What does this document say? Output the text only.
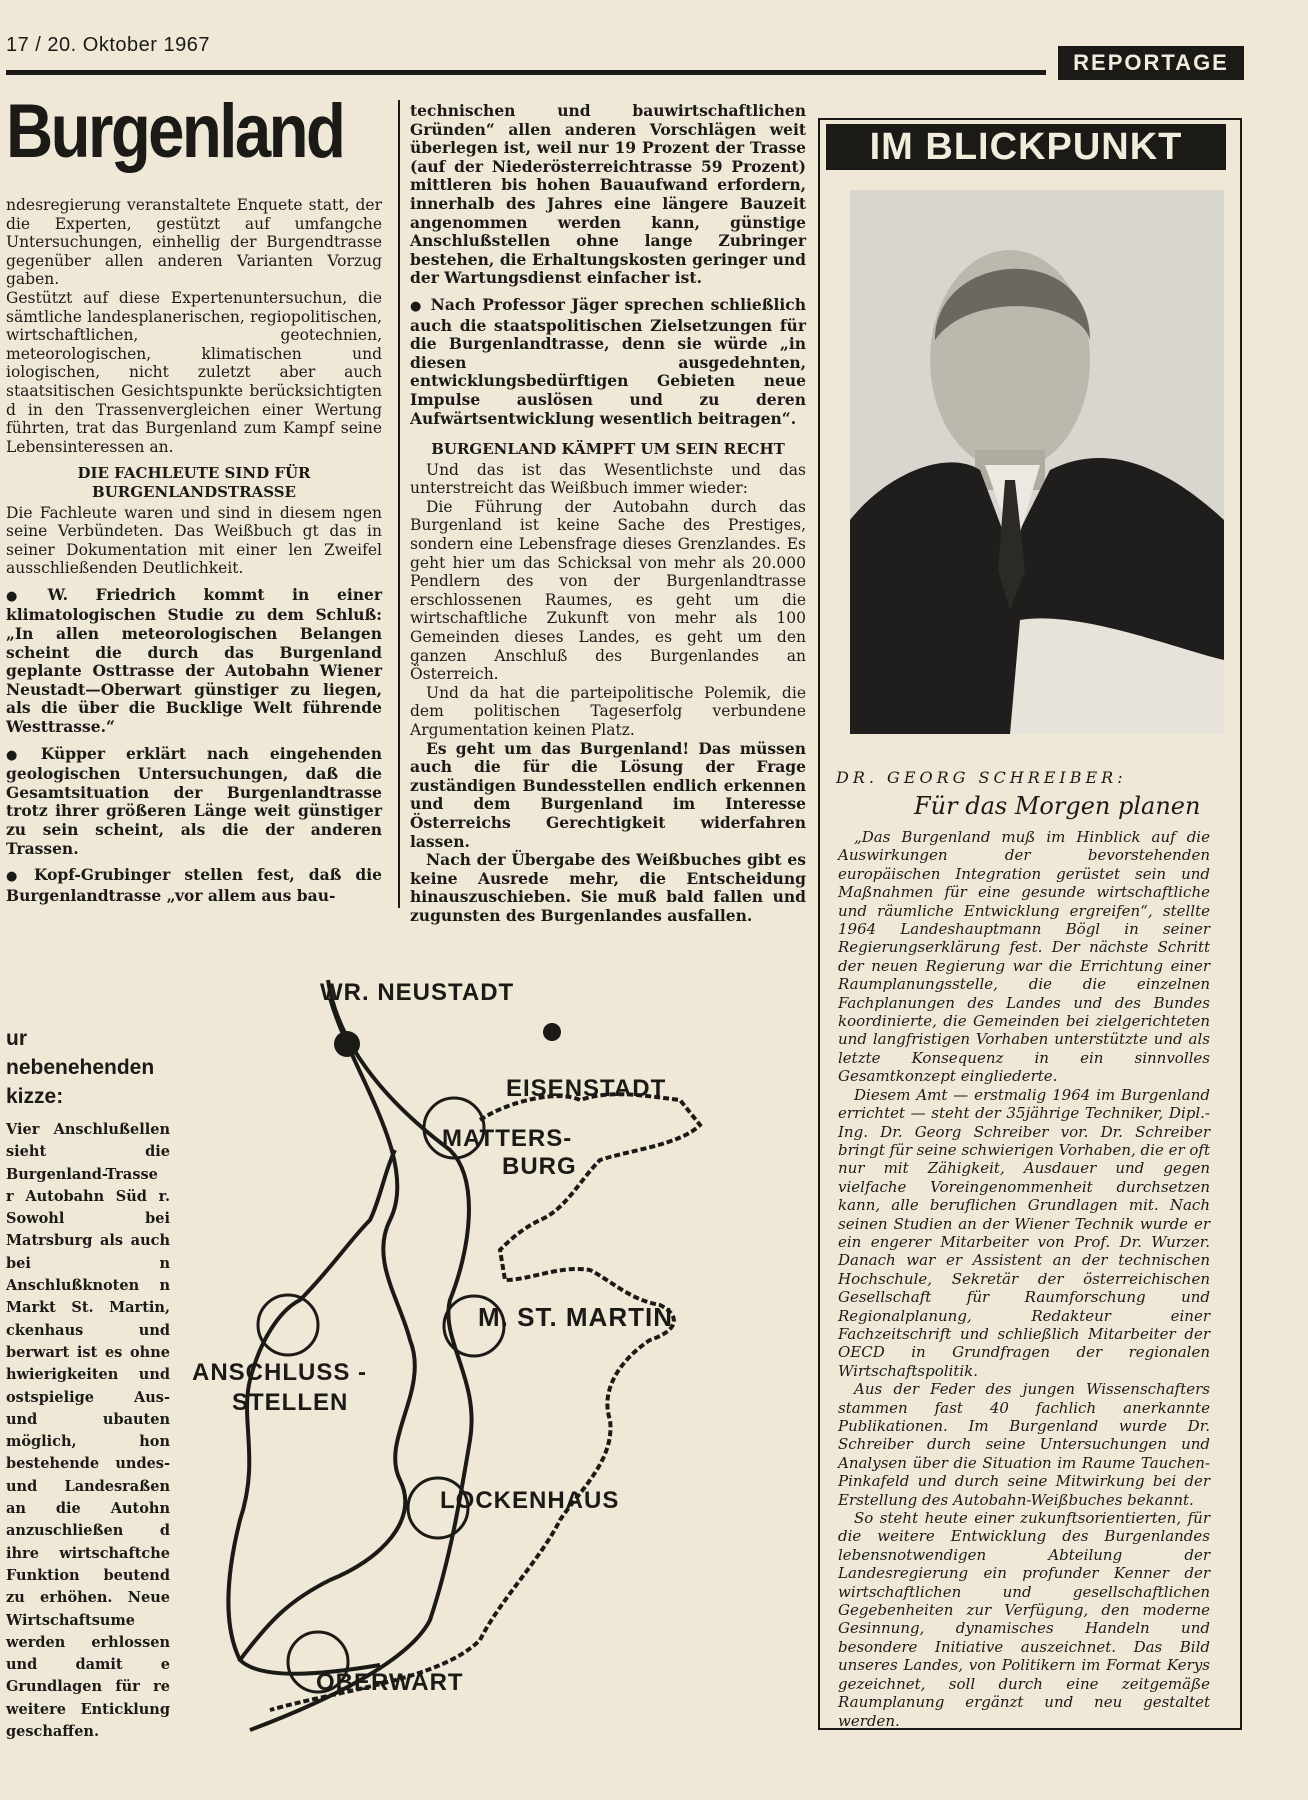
17 / 20. Oktober 1967
REPORTAGE
Burgenland

ndesregierung veranstaltete Enquete statt, der die Experten, gestützt auf umfangche Untersuchungen, einhellig der Burgendtrasse gegenüber allen anderen Varianten Vorzug gaben.

Gestützt auf diese Expertenuntersuchun, die sämtliche landesplanerischen, regiopolitischen, wirtschaftlichen, geotechnien, meteorologischen, klimatischen und iologischen, nicht zuletzt aber auch staatsitischen Gesichtspunkte berücksichtigten d in den Trassenvergleichen einer Wertung führten, trat das Burgenland zum Kampf seine Lebensinteressen an.

DIE FACHLEUTE SIND FÜR BURGENLANDSTRASSE

Die Fachleute waren und sind in diesem ngen seine Verbündeten. Das Weißbuch gt das in seiner Dokumentation mit einer len Zweifel ausschließenden Deutlichkeit.

● W. Friedrich kommt in einer klimatologischen Studie zu dem Schluß: „In allen meteorologischen Belangen scheint die durch das Burgenland geplante Osttrasse der Autobahn Wiener Neustadt—Oberwart günstiger zu liegen, als die über die Bucklige Welt führende Westtrasse.“

● Küpper erklärt nach eingehenden geologischen Untersuchungen, daß die Gesamtsituation der Burgenlandtrasse trotz ihrer größeren Länge weit günstiger zu sein scheint, als die der anderen Trassen.

● Kopf-Grubinger stellen fest, daß die Burgenlandtrasse „vor allem aus bau-

technischen und bauwirtschaftlichen Gründen“ allen anderen Vorschlägen weit überlegen ist, weil nur 19 Prozent der Trasse (auf der Niederösterreichtrasse 59 Prozent) mittleren bis hohen Bauaufwand erfordern, innerhalb des Jahres eine längere Bauzeit angenommen werden kann, günstige Anschlußstellen ohne lange Zubringer bestehen, die Erhaltungskosten geringer und der Wartungsdienst einfacher ist.

● Nach Professor Jäger sprechen schließlich auch die staatspolitischen Zielsetzungen für die Burgenlandtrasse, denn sie würde „in diesen ausgedehnten, entwicklungsbedürftigen Gebieten neue Impulse auslösen und zu deren Aufwärtsentwicklung wesentlich beitragen“.

BURGENLAND KÄMPFT UM SEIN RECHT

Und das ist das Wesentlichste und das unterstreicht das Weißbuch immer wieder:

Die Führung der Autobahn durch das Burgenland ist keine Sache des Prestiges, sondern eine Lebensfrage dieses Grenzlandes. Es geht hier um das Schicksal von mehr als 20.000 Pendlern des von der Burgenlandtrasse erschlossenen Raumes, es geht um die wirtschaftliche Zukunft von mehr als 100 Gemeinden dieses Landes, es geht um den ganzen Anschluß des Burgenlandes an Österreich.

Und da hat die parteipolitische Polemik, die dem politischen Tageserfolg verbundene Argumentation keinen Platz.

Es geht um das Burgenland! Das müssen auch die für die Lösung der Frage zuständigen Bundesstellen endlich erkennen und dem Burgenland im Interesse Österreichs Gerechtigkeit widerfahren lassen.

Nach der Übergabe des Weißbuches gibt es keine Ausrede mehr, die Entscheidung hinauszuschieben. Sie muß bald fallen und zugunsten des Burgenlandes ausfallen.

ur nebenehenden kizze:
Vier Anschlußellen sieht die Burgenland-Trasse r Autobahn Süd r. Sowohl bei Matrsburg als auch bei n Anschlußknoten n Markt St. Martin, ckenhaus und berwart ist es ohne hwierigkeiten und ostspielige Aus- und ubauten möglich, hon bestehende undes- und Landesraßen an die Autohn anzuschließen d ihre wirtschaftche Funktion beutend zu erhöhen. Neue Wirtschaftsume werden erhlossen und damit e Grundlagen für re weitere Enticklung geschaffen.
WR. NEUSTADT
EISENSTADT
MATTERS-
BURG
M. ST. MARTIN
ANSCHLUSS -
STELLEN
LOCKENHAUS
OBERWART
IM BLICKPUNKT
DR. GEORG SCHREIBER:
Für das Morgen planen

„Das Burgenland muß im Hinblick auf die Auswirkungen der bevorstehenden europäischen Integration gerüstet sein und Maßnahmen für eine gesunde wirtschaftliche und räumliche Entwicklung ergreifen“, stellte 1964 Landeshauptmann Bögl in seiner Regierungserklärung fest. Der nächste Schritt der neuen Regierung war die Errichtung einer Raumplanungsstelle, die die einzelnen Fachplanungen des Landes und des Bundes koordinierte, die Gemeinden bei zielgerichteten und langfristigen Vorhaben unterstützte und als letzte Konsequenz in ein sinnvolles Gesamtkonzept eingliederte.

Diesem Amt — erstmalig 1964 im Burgenland errichtet — steht der 35jährige Techniker, Dipl.-Ing. Dr. Georg Schreiber vor. Dr. Schreiber bringt für seine schwierigen Vorhaben, die er oft nur mit Zähigkeit, Ausdauer und gegen vielfache Voreingenommenheit durchsetzen kann, alle beruflichen Grundlagen mit. Nach seinen Studien an der Wiener Technik wurde er ein engerer Mitarbeiter von Prof. Dr. Wurzer. Danach war er Assistent an der technischen Hochschule, Sekretär der österreichischen Gesellschaft für Raumforschung und Regionalplanung, Redakteur einer Fachzeitschrift und schließlich Mitarbeiter der OECD in Grundfragen der regionalen Wirtschaftspolitik.

Aus der Feder des jungen Wissenschafters stammen fast 40 fachlich anerkannte Publikationen. Im Burgenland wurde Dr. Schreiber durch seine Untersuchungen und Analysen über die Situation im Raume Tauchen-Pinkafeld und durch seine Mitwirkung bei der Erstellung des Autobahn-Weißbuches bekannt.

So steht heute einer zukunftsorientierten, für die weitere Entwicklung des Burgenlandes lebensnotwendigen Abteilung der Landesregierung ein profunder Kenner der wirtschaftlichen und gesellschaftlichen Gegebenheiten zur Verfügung, den moderne Gesinnung, dynamisches Handeln und besondere Initiative auszeichnet. Das Bild unseres Landes, von Politikern im Format Kerys gezeichnet, soll durch eine zeitgemäße Raumplanung ergänzt und neu gestaltet werden.
